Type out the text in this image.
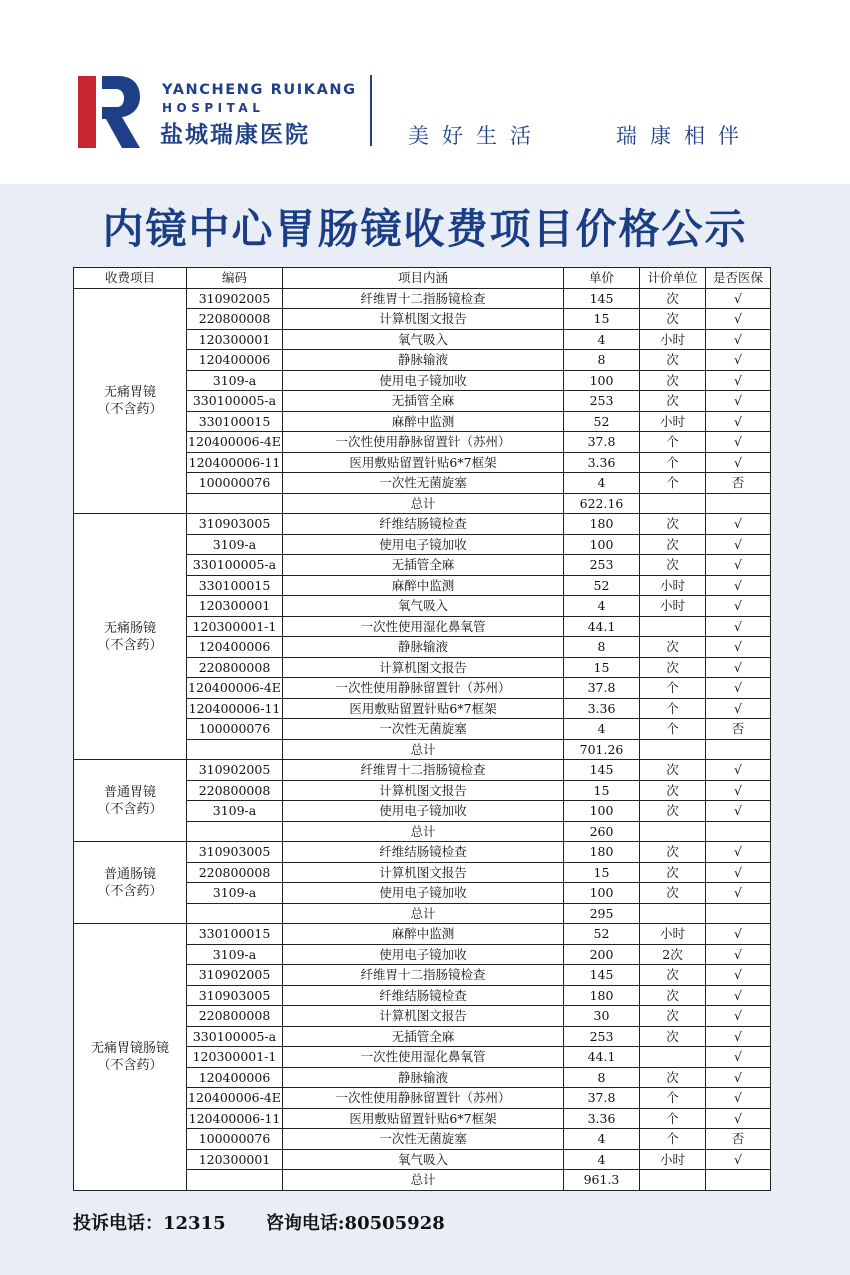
YANCHENG RUIKANG
HOSPITAL
盐城瑞康医院	美好生活	瑞康相伴
内镜中心胃肠镜收费项目价格公示
收费项目	编码	项目内涵	单价	计价单位	是否医保

无痛胃镜
（不含药）	310902005	纤维胃十二指肠镜检查	145	次	√
	220800008	计算机图文报告	15	次	√
	120300001	氧气吸入	4	小时	√
	120400006	静脉输液	8	次	√
	3109-a	使用电子镜加收	100	次	√
	330100005-a	无插管全麻	253	次	√
	330100015	麻醉中监测	52	小时	√
	120400006-4E	一次性使用静脉留置针（苏州）	37.8	个	√
	120400006-11	医用敷贴留置针贴6*7框架	3.36	个	√
	100000076	一次性无菌旋塞	4	个	否
		总计	622.16		

无痛肠镜
（不含药）	310903005	纤维结肠镜检查	180	次	√
	3109-a	使用电子镜加收	100	次	√
	330100005-a	无插管全麻	253	次	√
	330100015	麻醉中监测	52	小时	√
	120300001	氧气吸入	4	小时	√
	120300001-1	一次性使用湿化鼻氧管	44.1		√
	120400006	静脉输液	8	次	√
	220800008	计算机图文报告	15	次	√
	120400006-4E	一次性使用静脉留置针（苏州）	37.8	个	√
	120400006-11	医用敷贴留置针贴6*7框架	3.36	个	√
	100000076	一次性无菌旋塞	4	个	否
		总计	701.26		

普通胃镜
（不含药）	310902005	纤维胃十二指肠镜检查	145	次	√
	220800008	计算机图文报告	15	次	√
	3109-a	使用电子镜加收	100	次	√
		总计	260		

普通肠镜
（不含药）	310903005	纤维结肠镜检查	180	次	√
	220800008	计算机图文报告	15	次	√
	3109-a	使用电子镜加收	100	次	√
		总计	295		

无痛胃镜肠镜
（不含药）	330100015	麻醉中监测	52	小时	√
	3109-a	使用电子镜加收	200	2次	√
	310902005	纤维胃十二指肠镜检查	145	次	√
	310903005	纤维结肠镜检查	180	次	√
	220800008	计算机图文报告	30	次	√
	330100005-a	无插管全麻	253	次	√
	120300001-1	一次性使用湿化鼻氧管	44.1		√
	120400006	静脉输液	8	次	√
	120400006-4E	一次性使用静脉留置针（苏州）	37.8	个	√
	120400006-11	医用敷贴留置针贴6*7框架	3.36	个	√
	100000076	一次性无菌旋塞	4	个	否
	120300001	氧气吸入	4	小时	√
		总计	961.3		
投诉电话：12315 咨询电话:80505928
